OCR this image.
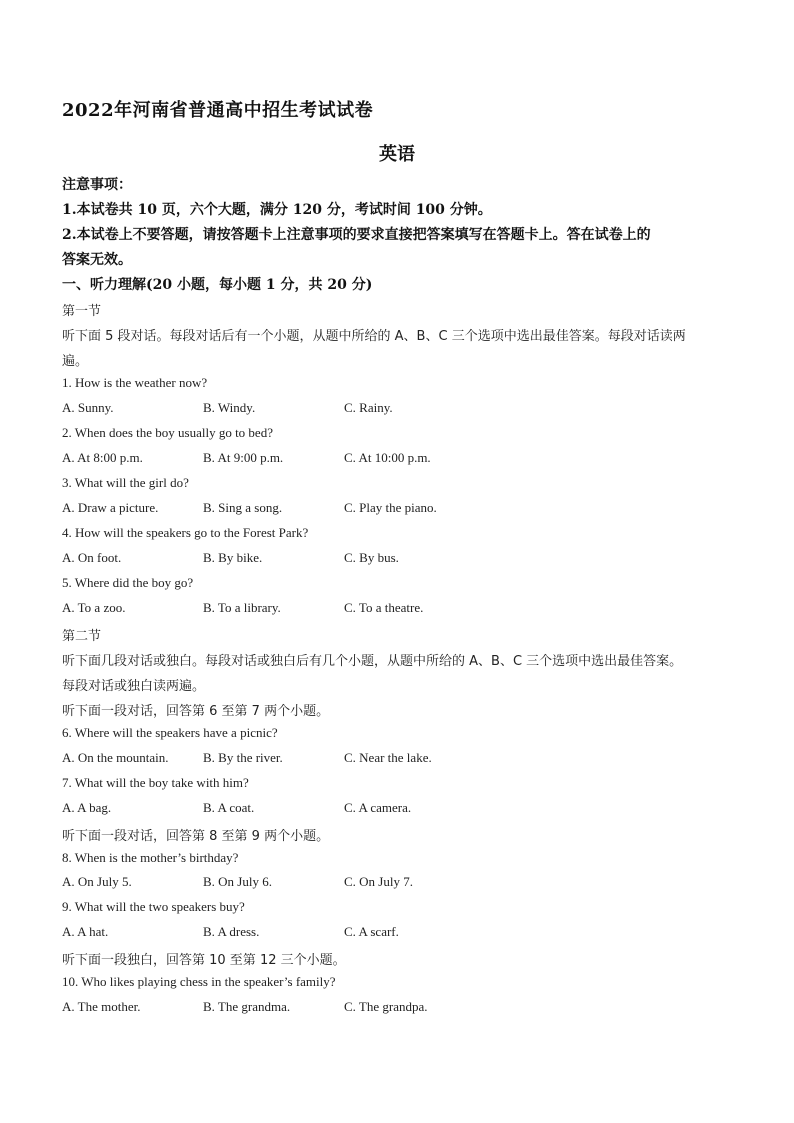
2022年河南省普通高中招生考试试卷
英语
注意事项：
1.本试卷共 10 页，六个大题，满分 120 分，考试时间 100 分钟。
2.本试卷上不要答题，请按答题卡上注意事项的要求直接把答案填写在答题卡上。答在试卷上的
答案无效。
一、听力理解(20 小题，每小题 1 分，共 20 分)
第一节
听下面 5 段对话。每段对话后有一个小题，从题中所给的 A、B、C 三个选项中选出最佳答案。每段对话读两
遍。
1. How is the weather now?
A. Sunny.	B. Windy.	C. Rainy.
2. When does the boy usually go to bed?
A. At 8:00 p.m.	B. At 9:00 p.m.	C. At 10:00 p.m.
3. What will the girl do?
A. Draw a picture.	B. Sing a song.	C. Play the piano.
4. How will the speakers go to the Forest Park?
A. On foot.	B. By bike.	C. By bus.
5. Where did the boy go?
A. To a zoo.	B. To a library.	C. To a theatre.
第二节
听下面几段对话或独白。每段对话或独白后有几个小题，从题中所给的 A、B、C 三个选项中选出最佳答案。
每段对话或独白读两遍。
听下面一段对话，回答第 6 至第 7 两个小题。
6. Where will the speakers have a picnic?
A. On the mountain.	B. By the river.	C. Near the lake.
7. What will the boy take with him?
A. A bag.	B. A coat.	C. A camera.
听下面一段对话，回答第 8 至第 9 两个小题。
8. When is the mother’s birthday?
A. On July 5.	B. On July 6.	C. On July 7.
9. What will the two speakers buy?
A. A hat.	B. A dress.	C. A scarf.
听下面一段独白，回答第 10 至第 12 三个小题。
10. Who likes playing chess in the speaker’s family?
A. The mother.	B. The grandma.	C. The grandpa.
